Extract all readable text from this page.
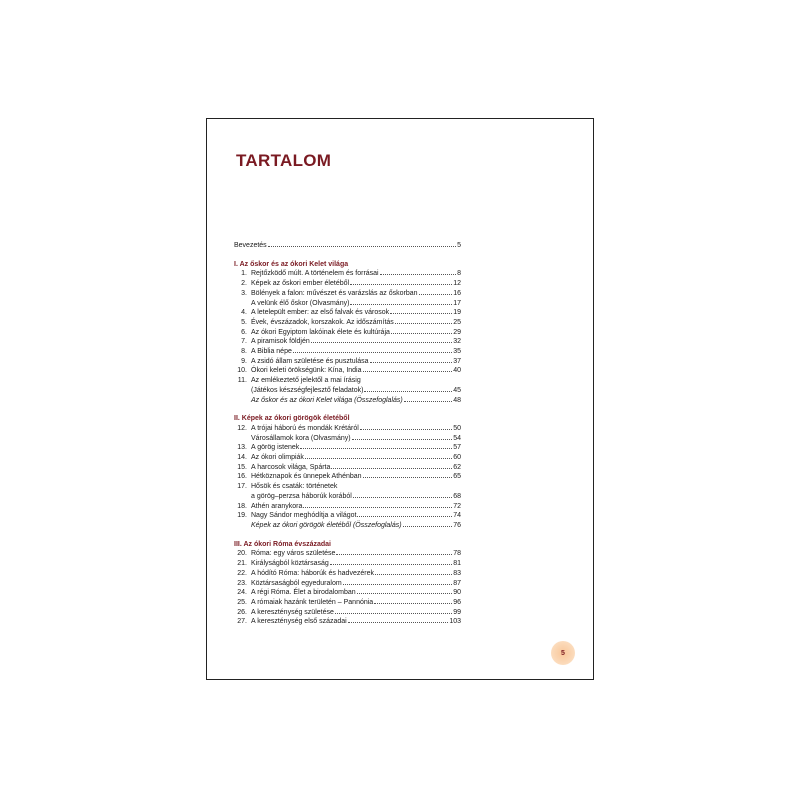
TARTALOM
Bevezetés	5
I. Az őskor és az ókori Kelet világa
1. Rejtőzködő múlt. A történelem és forrásai	8
2. Képek az őskori ember életéből	12
3. Bölények a falon: művészet és varázslás az őskorban	16
A velünk élő őskor (Olvasmány)	17
4. A letelepült ember: az első falvak és városok	19
5. Évek, évszázadok, korszakok. Az időszámítás	25
6. Az ókori Egyiptom lakóinak élete és kultúrája	29
7. A piramisok földjén	32
8. A Biblia népe	35
9. A zsidó állam születése és pusztulása	37
10. Ókori keleti örökségünk: Kína, India	40
11. Az emlékeztető jelektől a mai írásig
(Játékos készségfejlesztő feladatok)	45
Az őskor és az ókori Kelet világa (Összefoglalás)	48
II. Képek az ókori görögök életéből
12. A trójai háború és mondák Krétáról	50
Városállamok kora (Olvasmány)	54
13. A görög istenek	57
14. Az ókori olimpiák	60
15. A harcosok világa, Spárta	62
16. Hétköznapok és ünnepek Athénban	65
17. Hősök és csaták: történetek
a görög–perzsa háborúk korából	68
18. Athén aranykora	72
19. Nagy Sándor meghódítja a világot	74
Képek az ókori görögök életéből (Összefoglalás)	76
III. Az ókori Róma évszázadai
20. Róma: egy város születése	78
21. Királyságból köztársaság	81
22. A hódító Róma: háborúk és hadvezérek	83
23. Köztársaságból egyeduralom	87
24. A régi Róma. Élet a birodalomban	90
25. A rómaiak hazánk területén – Pannónia	96
26. A kereszténység születése	99
27. A kereszténység első századai	103
5
